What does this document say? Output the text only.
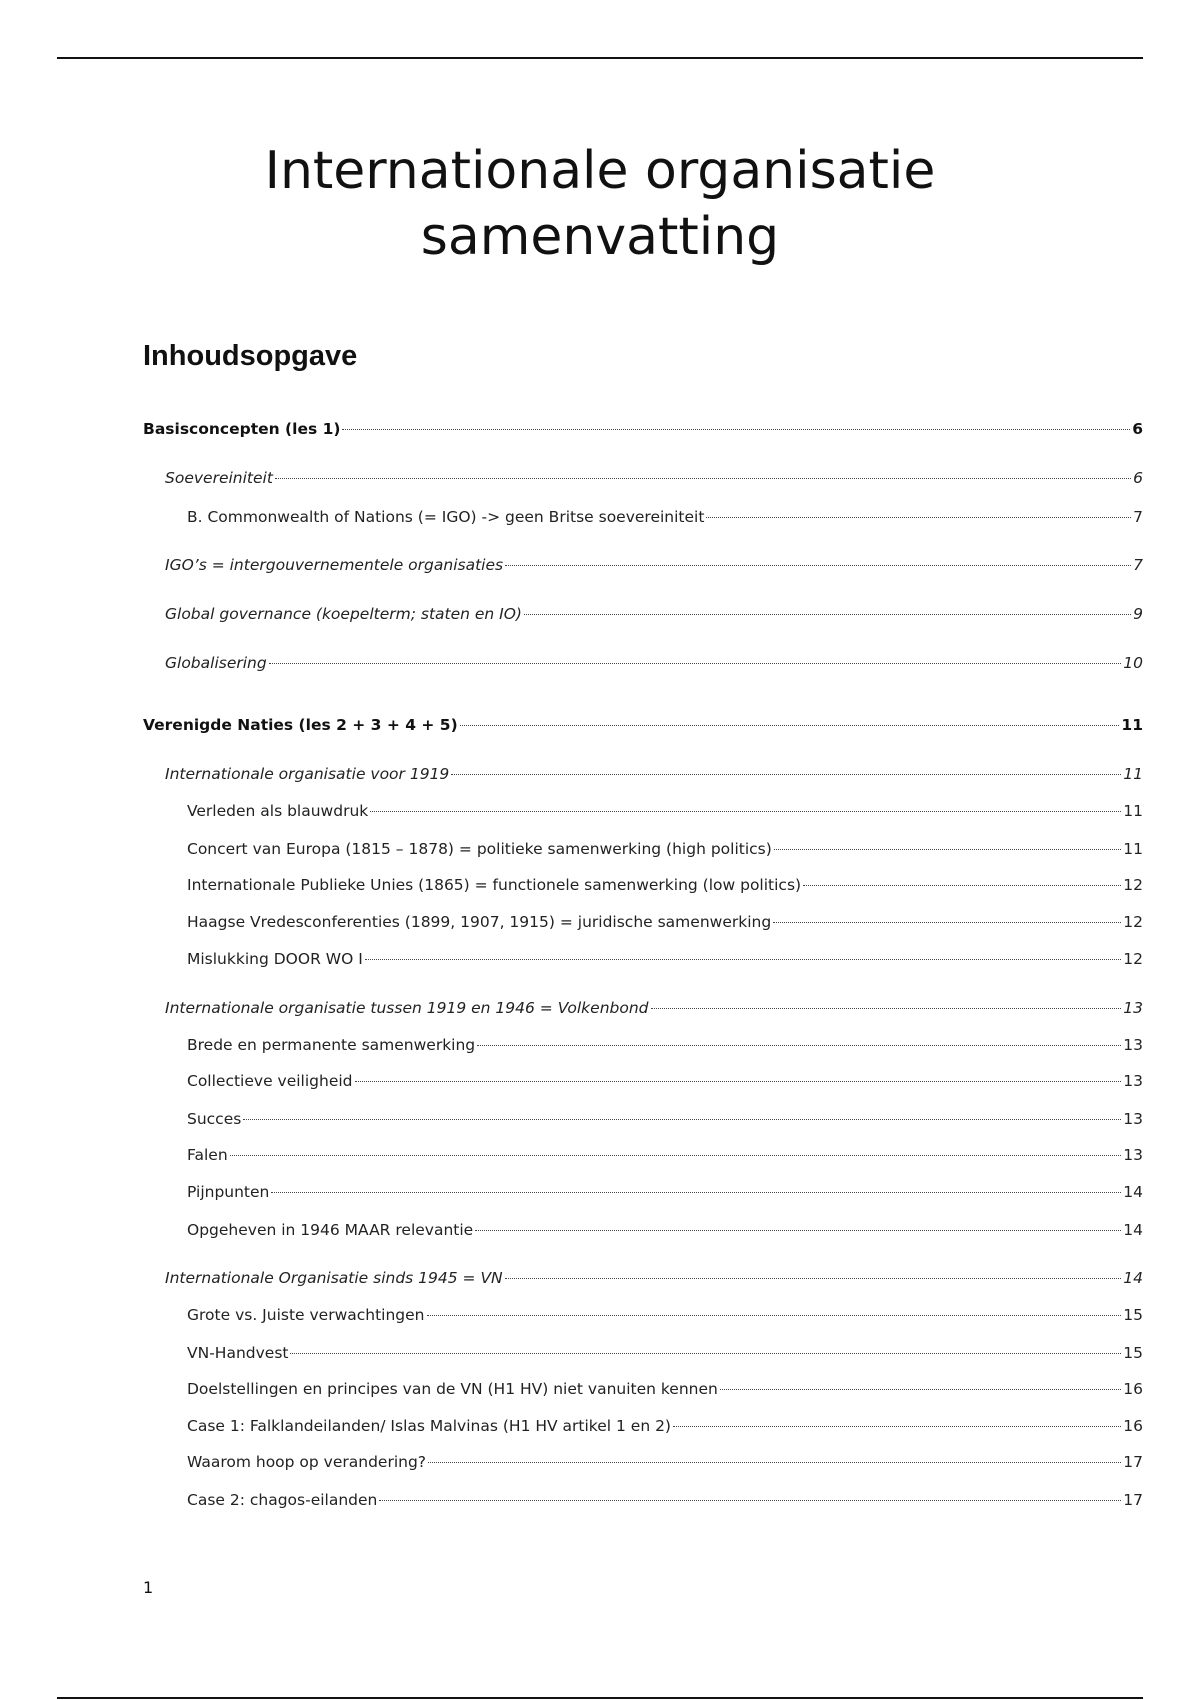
Internationale organisatie
samenvatting
Inhoudsopgave
Basisconcepten (les 1)	6
Soevereiniteit	6
B. Commonwealth of Nations (= IGO) -> geen Britse soevereiniteit	7
IGO’s = intergouvernementele organisaties	7
Global governance (koepelterm; staten en IO)	9
Globalisering	10
Verenigde Naties (les 2 + 3 + 4 + 5)	11
Internationale organisatie voor 1919	11
Verleden als blauwdruk	11
Concert van Europa (1815 – 1878) = politieke samenwerking (high politics)	11
Internationale Publieke Unies (1865) = functionele samenwerking (low politics)	12
Haagse Vredesconferenties (1899, 1907, 1915) = juridische samenwerking	12
Mislukking DOOR WO I	12
Internationale organisatie tussen 1919 en 1946 = Volkenbond	13
Brede en permanente samenwerking	13
Collectieve veiligheid	13
Succes	13
Falen	13
Pijnpunten	14
Opgeheven in 1946 MAAR relevantie	14
Internationale Organisatie sinds 1945 = VN	14
Grote vs. Juiste verwachtingen	15
VN-Handvest	15
Doelstellingen en principes van de VN (H1 HV) niet vanuiten kennen	16
Case 1: Falklandeilanden/ Islas Malvinas (H1 HV artikel 1 en 2)	16
Waarom hoop op verandering?	17
Case 2: chagos-eilanden	17
1
